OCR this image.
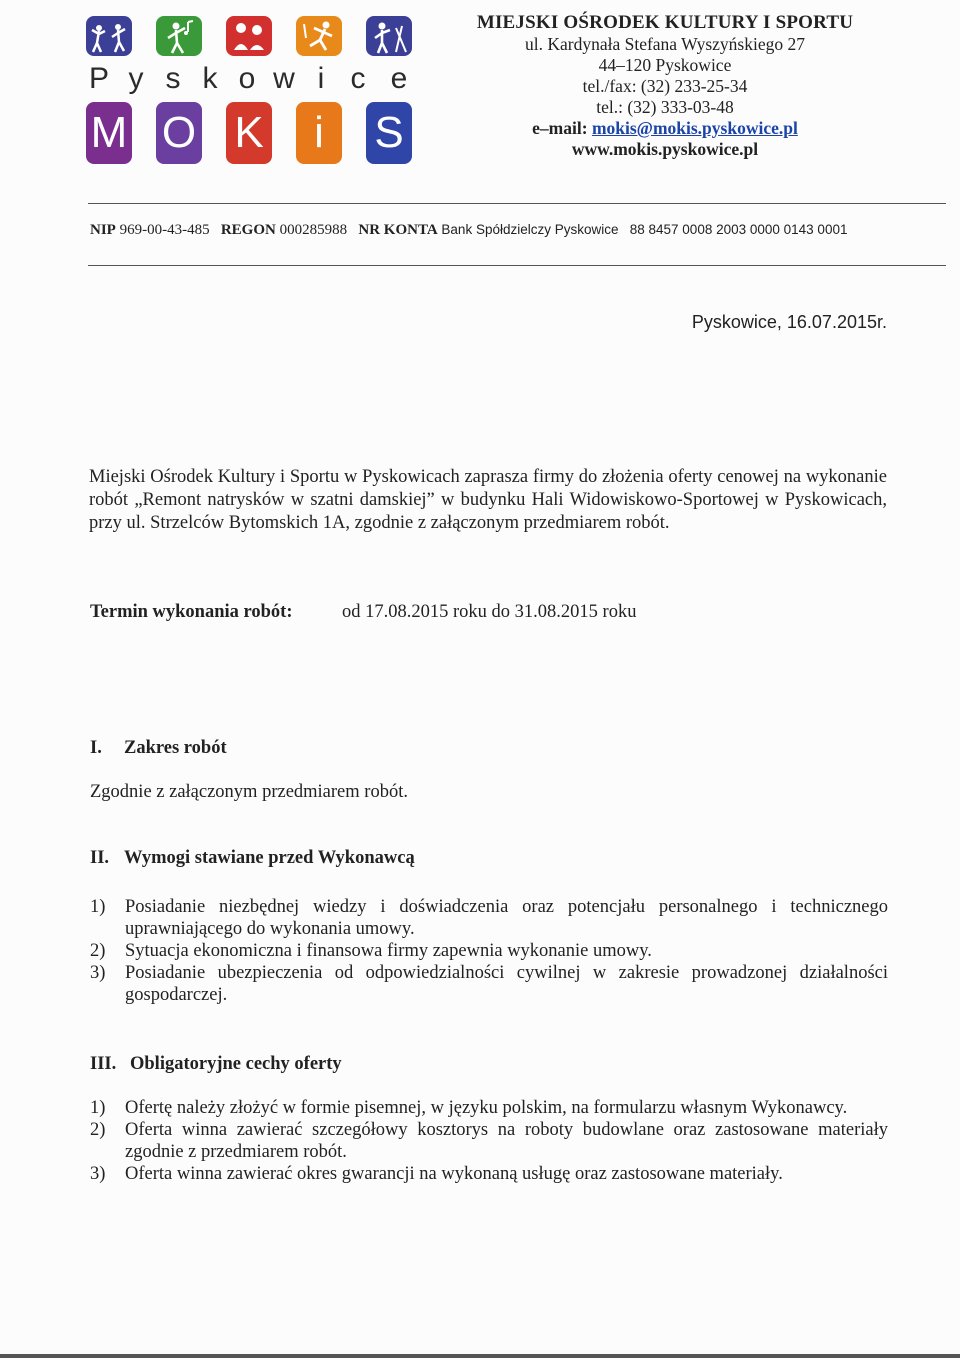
P y s k o w i c e
M O K	i	S
MIEJSKI OŚRODEK KULTURY I SPORTU
ul. Kardynała Stefana Wyszyńskiego 27
44–120 Pyskowice
tel./fax: (32) 233-25-34
tel.: (32) 333-03-48
e–mail: mokis@mokis.pyskowice.pl
www.mokis.pyskowice.pl
NIP 969-00-43-485 REGON 000285988 NR KONTA Bank Spółdzielczy Pyskowice 88 8457 0008 2003 0000 0143 0001
Pyskowice, 16.07.2015r.

Miejski Ośrodek Kultury i Sportu w Pyskowicach zaprasza firmy do złożenia oferty cenowej na wykonanie robót „Remont natrysków w szatni damskiej” w budynku Hali Widowiskowo-Sportowej w Pyskowicach, przy ul. Strzelców Bytomskich 1A, zgodnie z załączonym przedmiarem robót.

Termin wykonania robót:	od 17.08.2015 roku do 31.08.2015 roku
I. Zakres robót
Zgodnie z załączonym przedmiarem robót.
II. Wymogi stawiane przed Wykonawcą

1) Posiadanie niezbędnej wiedzy i doświadczenia oraz potencjału personalnego i technicznego uprawniającego do wykonania umowy.

2) Sytuacja ekonomiczna i finansowa firmy zapewnia wykonanie umowy.

3) Posiadanie ubezpieczenia od odpowiedzialności cywilnej w zakresie prowadzonej działalności gospodarczej.

III. Obligatoryjne cechy oferty

1) Ofertę należy złożyć w formie pisemnej, w języku polskim, na formularzu własnym Wykonawcy.

2) Oferta winna zawierać szczegółowy kosztorys na roboty budowlane oraz zastosowane materiały zgodnie z przedmiarem robót.

3) Oferta winna zawierać okres gwarancji na wykonaną usługę oraz zastosowane materiały.
